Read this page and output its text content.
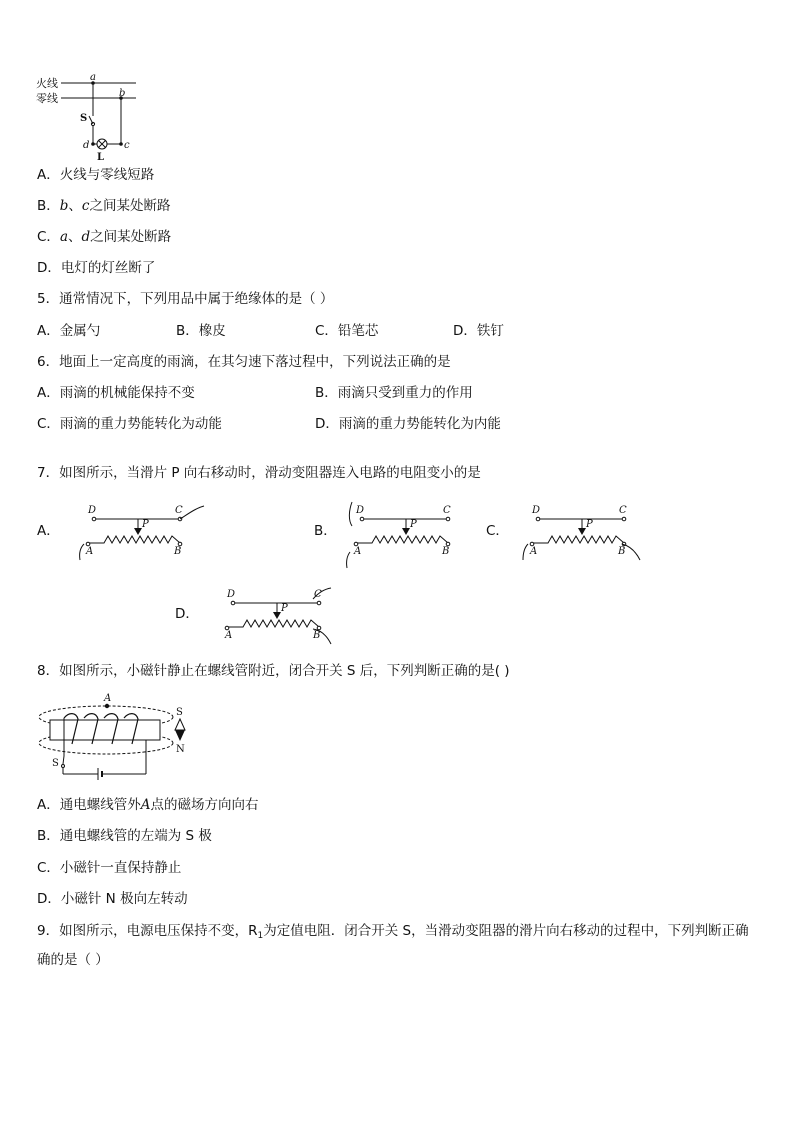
火线
零线
a
b
S
d
L
c
A．火线与零线短路
B．b、c之间某处断路
C．a、d之间某处断路
D．电灯的灯丝断了
5．通常情况下，下列用品中属于绝缘体的是（ ）
A．金属勺	B．橡皮	C．铅笔芯	D．铁钉
6．地面上一定高度的雨滴，在其匀速下落过程中，下列说法正确的是
A．雨滴的机械能保持不变	B．雨滴只受到重力的作用
C．雨滴的重力势能转化为动能	D．雨滴的重力势能转化为内能
7．如图所示，当滑片 P 向右移动时，滑动变阻器连入电路的电阻变小的是
A．	B．	C．
D．
D	C
P
A	B
D	C
P
A	B
D	C
P
A	B
D	C
P
A	B
8．如图所示，小磁针静止在螺线管附近，闭合开关 S 后，下列判断正确的是( )
A
S
S
N
A．通电螺线管外A点的磁场方向向右
B．通电螺线管的左端为 S 极
C．小磁针一直保持静止
D．小磁针 N 极向左转动
9．如图所示，电源电压保持不变，$R_1$为定值电阻．闭合开关 S，当滑动变阻器的滑片向右移动的过程中，下列判断正确
确的是（ ）
